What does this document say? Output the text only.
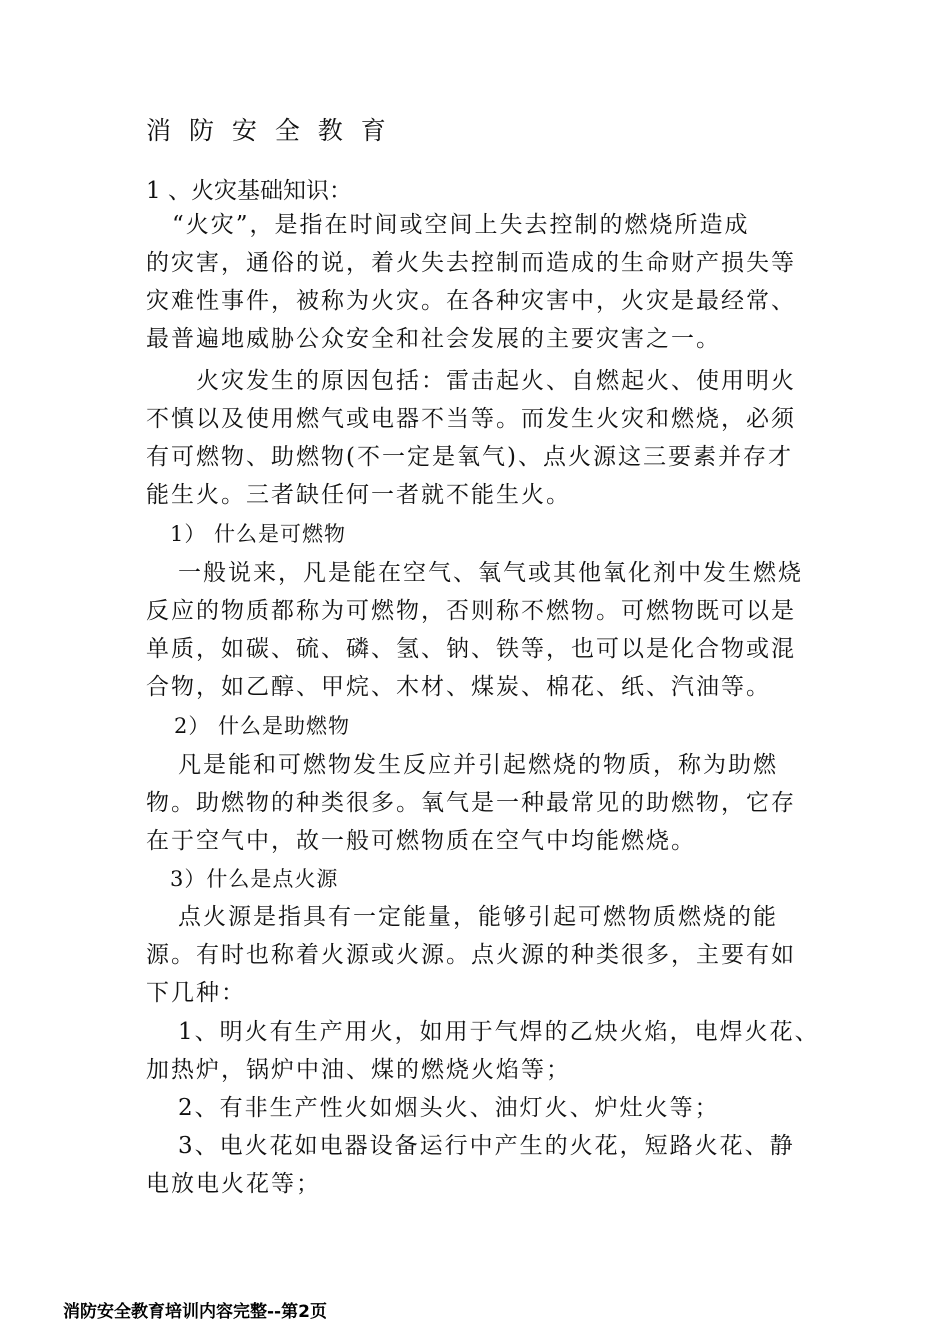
消 防 安 全 教 育
1 、火灾基础知识：
“火灾”，是指在时间或空间上失去控制的燃烧所造成
的灾害，通俗的说，着火失去控制而造成的生命财产损失等
灾难性事件，被称为火灾。在各种灾害中，火灾是最经常、
最普遍地威胁公众安全和社会发展的主要灾害之一。
火灾发生的原因包括：雷击起火、自燃起火、使用明火
不慎以及使用燃气或电器不当等。而发生火灾和燃烧，必须
有可燃物、助燃物(不一定是氧气)、点火源这三要素并存才
能生火。三者缺任何一者就不能生火。
1） 什么是可燃物
一般说来，凡是能在空气、氧气或其他氧化剂中发生燃烧
反应的物质都称为可燃物，否则称不燃物。可燃物既可以是
单质，如碳、硫、磷、氢、钠、铁等，也可以是化合物或混
合物，如乙醇、甲烷、木材、煤炭、棉花、纸、汽油等。
2） 什么是助燃物
凡是能和可燃物发生反应并引起燃烧的物质，称为助燃
物。助燃物的种类很多。氧气是一种最常见的助燃物，它存
在于空气中，故一般可燃物质在空气中均能燃烧。
3）什么是点火源
点火源是指具有一定能量，能够引起可燃物质燃烧的能
源。有时也称着火源或火源。点火源的种类很多，主要有如
下几种：
1、明火有生产用火，如用于气焊的乙炔火焰，电焊火花、
加热炉，锅炉中油、煤的燃烧火焰等；
2、有非生产性火如烟头火、油灯火、炉灶火等；
3、电火花如电器设备运行中产生的火花，短路火花、静
电放电火花等；
消防安全教育培训内容完整--第2页
